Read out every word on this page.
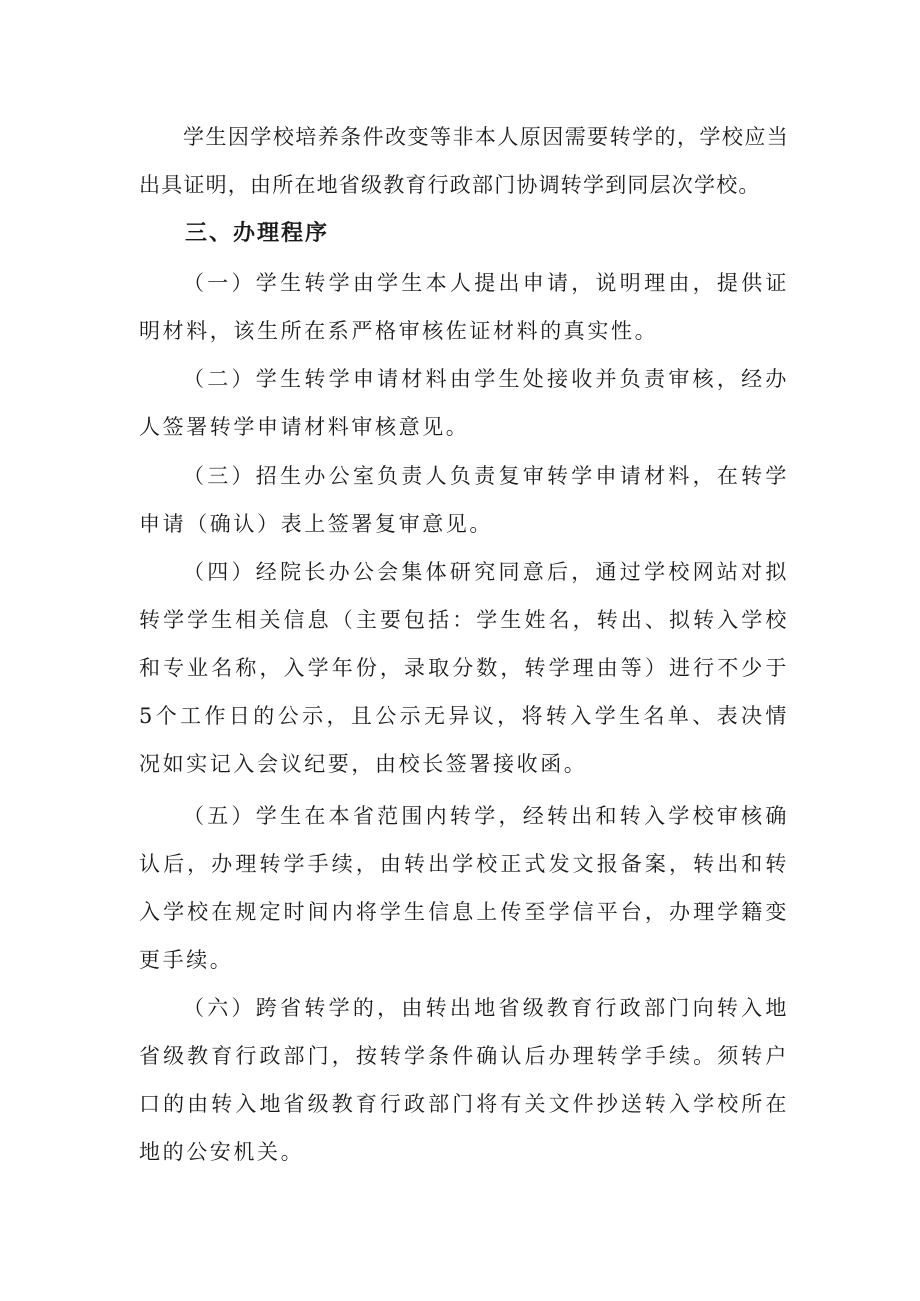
学生因学校培养条件改变等非本人原因需要转学的，学校应当出具证明，由所在地省级教育行政部门协调转学到同层次学校。

三、办理程序

（一）学生转学由学生本人提出申请，说明理由，提供证明材料，该生所在系严格审核佐证材料的真实性。

（二）学生转学申请材料由学生处接收并负责审核，经办人签署转学申请材料审核意见。

（三）招生办公室负责人负责复审转学申请材料，在转学申请（确认）表上签署复审意见。

（四）经院长办公会集体研究同意后，通过学校网站对拟转学学生相关信息（主要包括：学生姓名，转出、拟转入学校和专业名称，入学年份，录取分数，转学理由等）进行不少于5个工作日的公示，且公示无异议，将转入学生名单、表决情况如实记入会议纪要，由校长签署接收函。

（五）学生在本省范围内转学，经转出和转入学校审核确认后，办理转学手续，由转出学校正式发文报备案，转出和转入学校在规定时间内将学生信息上传至学信平台，办理学籍变更手续。

（六）跨省转学的，由转出地省级教育行政部门向转入地省级教育行政部门，按转学条件确认后办理转学手续。须转户口的由转入地省级教育行政部门将有关文件抄送转入学校所在地的公安机关。
